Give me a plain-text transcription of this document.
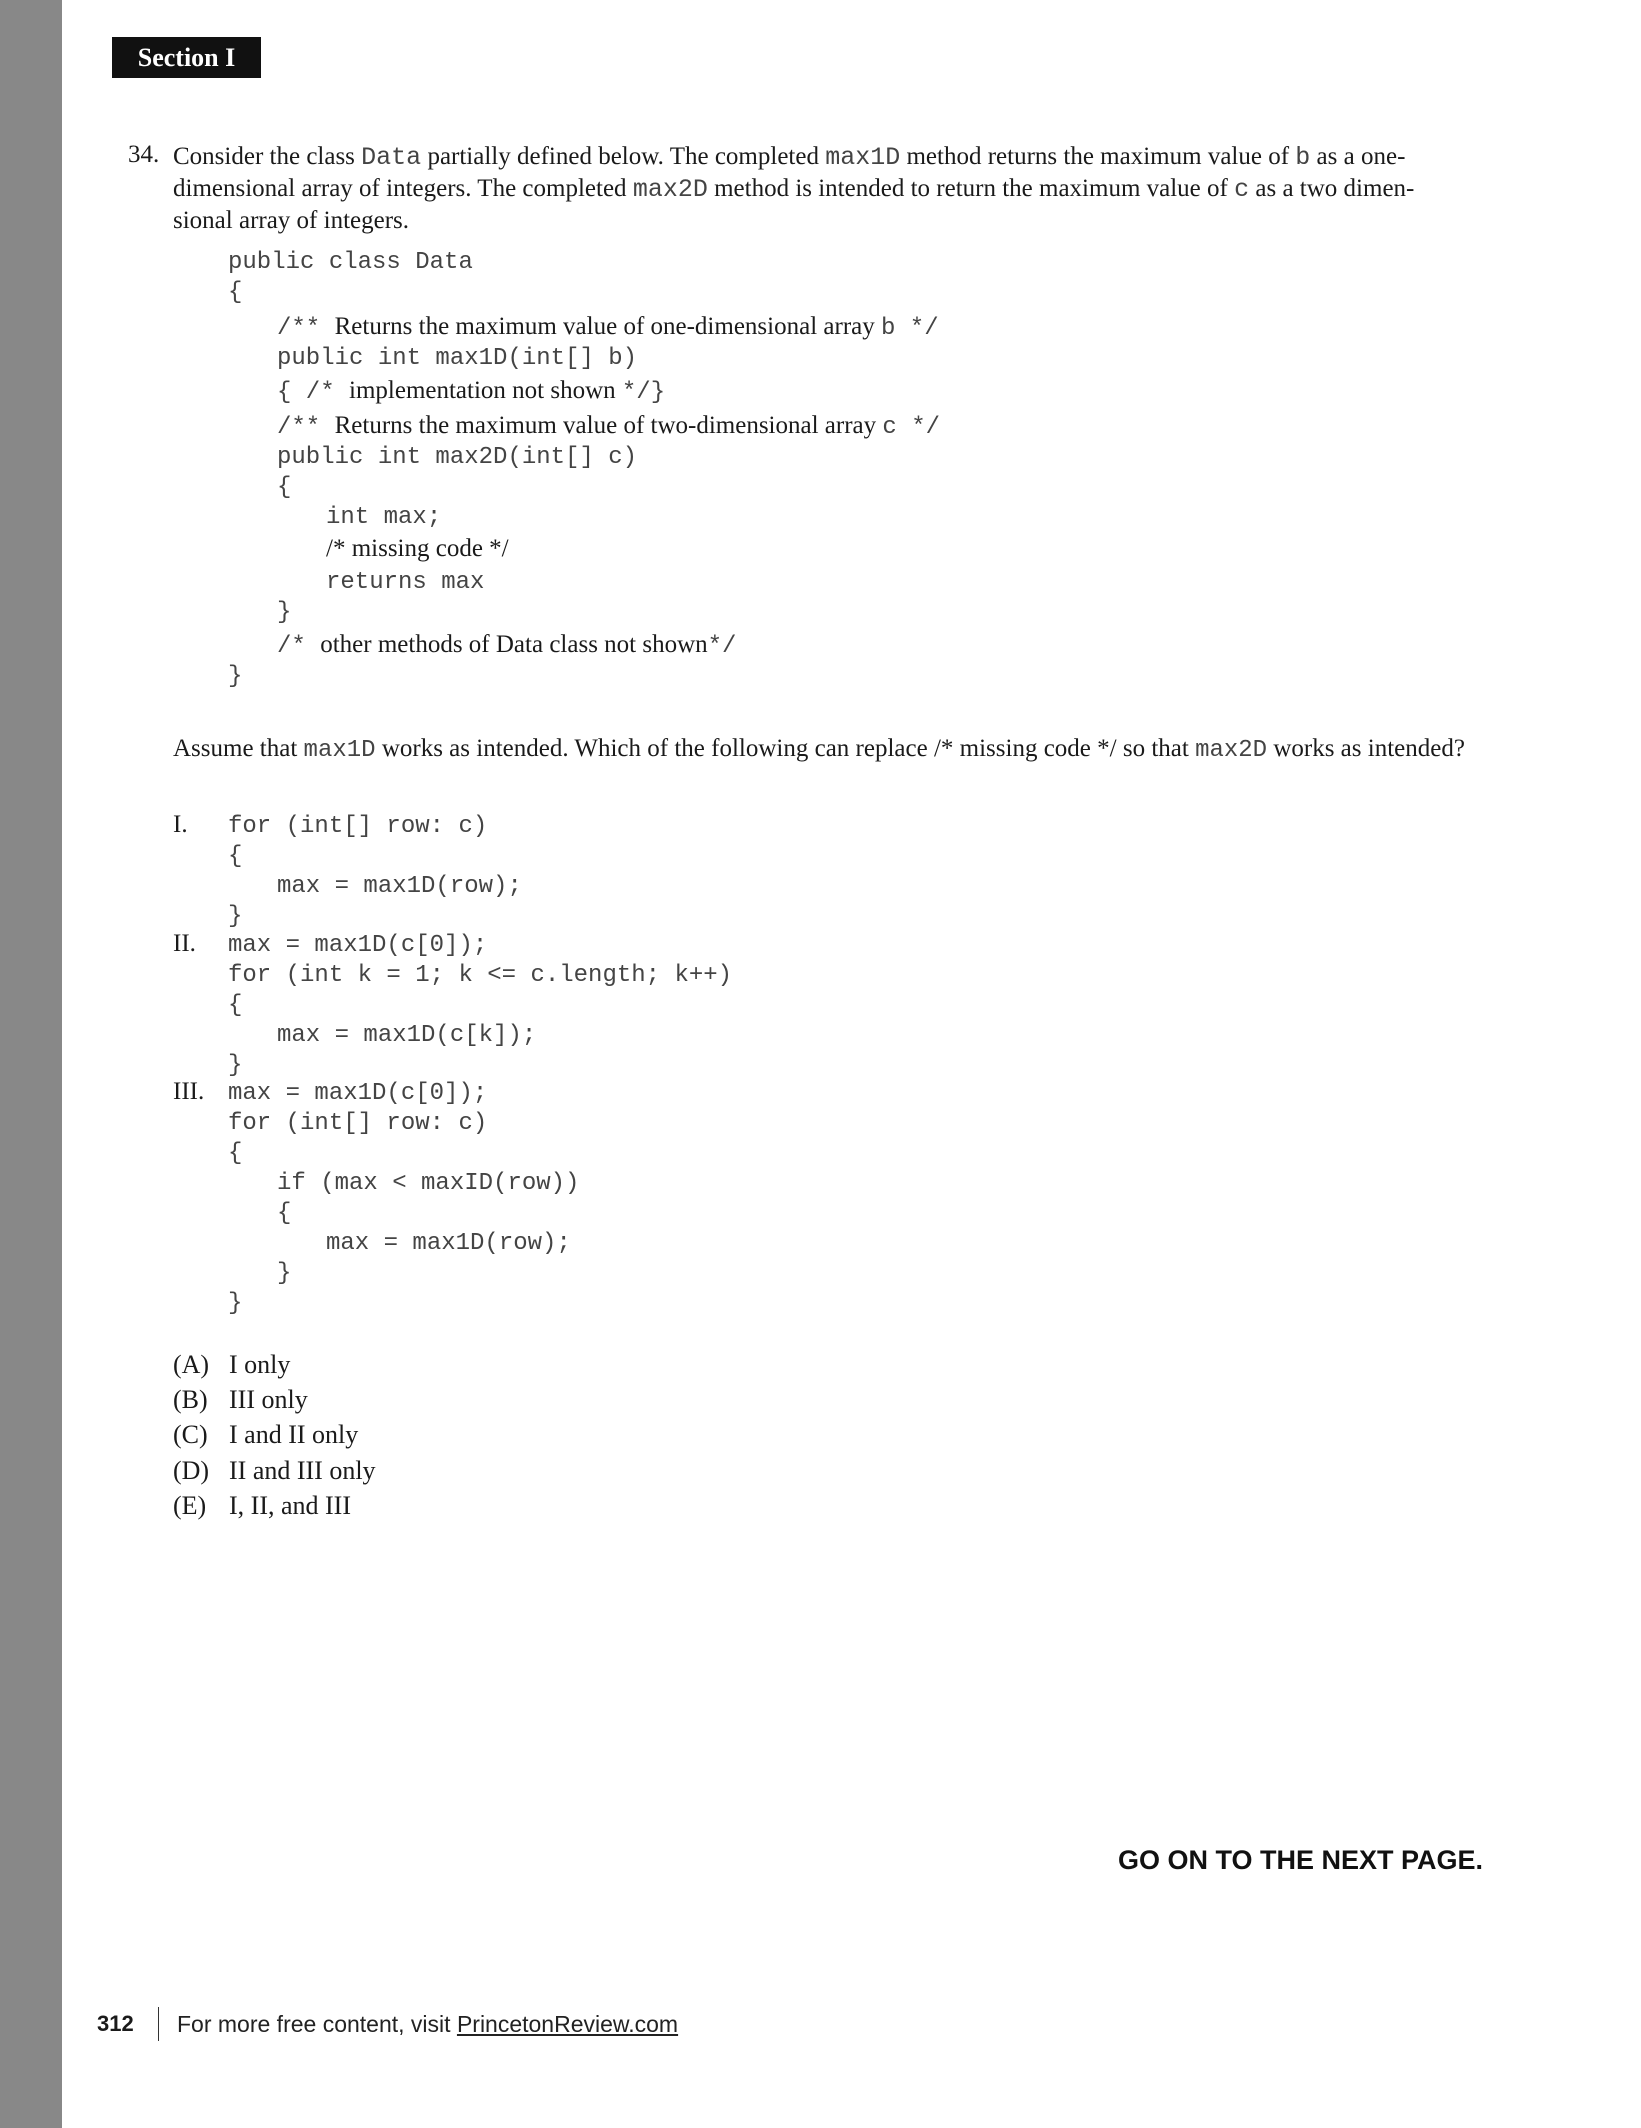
Section I
34. Consider the class Data partially defined below. The completed max1D method returns the maximum value of b as a one-dimensional array of integers. The completed max2D method is intended to return the maximum value of c as a two dimen- sional array of integers.
public class Data
{
/** Returns the maximum value of one-dimensional array b */
public int max1D(int[] b)
{ /* implementation not shown */}
/** Returns the maximum value of two-dimensional array c */
public int max2D(int[] c)
{
int max;
/* missing code */
returns max
}
/* other methods of Data class not shown*/
}
Assume that max1D works as intended. Which of the following can replace /* missing code */ so that max2D works as intended?
I. for (int[] row: c)
{
max = max1D(row);
}
II. max = max1D(c[0]);
for (int k = 1; k <= c.length; k++)
{
max = max1D(c[k]);
}
III. max = max1D(c[0]);
for (int[] row: c)
{
if (max < maxID(row))
{
max = max1D(row);
}
}
(A) I only
(B) III only
(C) I and II only
(D) II and III only
(E) I, II, and III
GO ON TO THE NEXT PAGE.
312 For more free content, visit PrincetonReview.com
